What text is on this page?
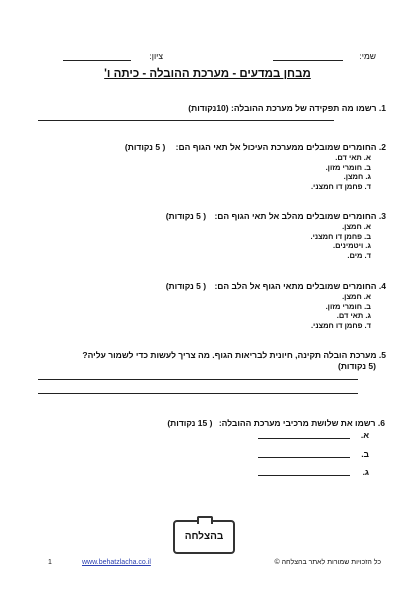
שמי:
ציון:
מבחן במדעים - מערכת ההובלה - כיתה ו'
1. רשמו מה תפקידה של מערכת ההובלה: (10נקודות)
2. החומרים שמובלים ממערכת העיכול אל תאי הגוף הם: ( 5 נקודות)
א. תאי דם.
ב. חומרי מזון.
ג. חמצן.
ד. פחמן דו חמצני.
3. החומרים שמובלים מהלב אל תאי הגוף הם: ( 5 נקודות)
א. חמצן.
ב. פחמן דו חמצני.
ג. ויטמינים.
ד. מים.
4. החומרים שמובלים מתאי הגוף אל הלב הם: ( 5 נקודות)
א. חמצן.
ב. חומרי מזון.
ג. תאי דם.
ד. פחמן דו חמצני.
5. מערכת הובלה תקינה, חיונית לבריאות הגוף. מה צריך לעשות כדי לשמור עליה?
(5 נקודות)
6. רשמו את שלושת מרכיבי מערכת ההובלה: ( 15 נקודות)
א.
ב.
ג.
בהצלחה
1	www.behatzlacha.co.il	כל הזכויות שמורות לאתר בהצלחה ©
